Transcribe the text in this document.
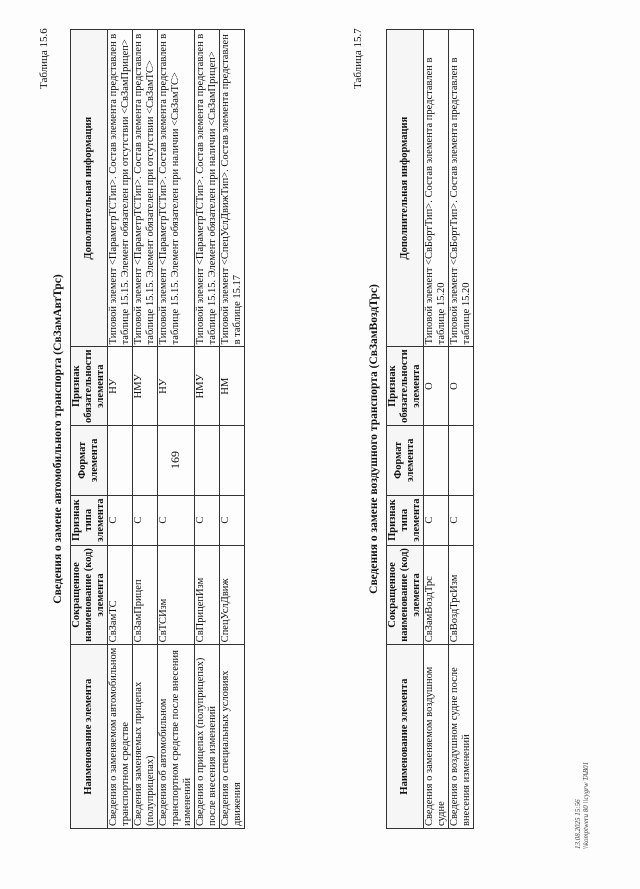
169
Таблица 15.6
Сведения о замене автомобильного транспорта (СвЗамАвтТрс)
Наименование элемента	Сокращенное наименование (код) элемента	Признак типа элемента	Формат элемента	Признак обязательности элемента	Дополнительная информация
Сведения о заменяемом автомобильном транспортном средстве	СвЗамТС	С		НУ	Типовой элемент <ПараметрТСТип>. Состав элемента представлен в таблице 15.15. Элемент обязателен при отсутствии <СвЗамПрицеп>
Сведения заменяемых прицепах (полуприцепах)	СвЗамПрицеп	С		НМУ	Типовой элемент <ПараметрТСТип>. Состав элемента представлен в таблице 15.15. Элемент обязателен при отсутствии <СвЗамТС>
Сведения об автомобильном транспортном средстве после внесения изменений	СвТСИзм	С		НУ	Типовой элемент <ПараметрТСТип>. Состав элемента представлен в таблице 15.15. Элемент обязателен при наличии <СвЗамТС>
Сведения о прицепах (полуприцепах) после внесения изменений	СвПрицепИзм	С		НМУ	Типовой элемент <ПараметрТСТип>. Состав элемента представлен в таблице 15.15. Элемент обязателен при наличии <СвЗамПрицеп>
Сведения о специальных условиях движения	СпецУслДвиж	С		НМ	Типовой элемент <СпецУслДвижТип>. Состав элемента представлен в таблице 15.17
Таблица 15.7
Сведения о замене воздушного транспорта (СвЗамВоздТрс)
Наименование элемента	Сокращенное наименование (код) элемента	Признак типа элемента	Формат элемента	Признак обязательности элемента	Дополнительная информация
Сведения о заменяемом воздушном судне	СвЗамВоздТрс	С		О	Типовой элемент <СвБортТип>. Состав элемента представлен в таблице 15.20
Сведения о воздушном судне после внесения изменений	СвВоздТрсИзм	С		О	Типовой элемент <СвБортТип>. Состав элемента представлен в таблице 15.20
13.08.2025 15:56 \\komptweru 80 \\cygrw TAB01
